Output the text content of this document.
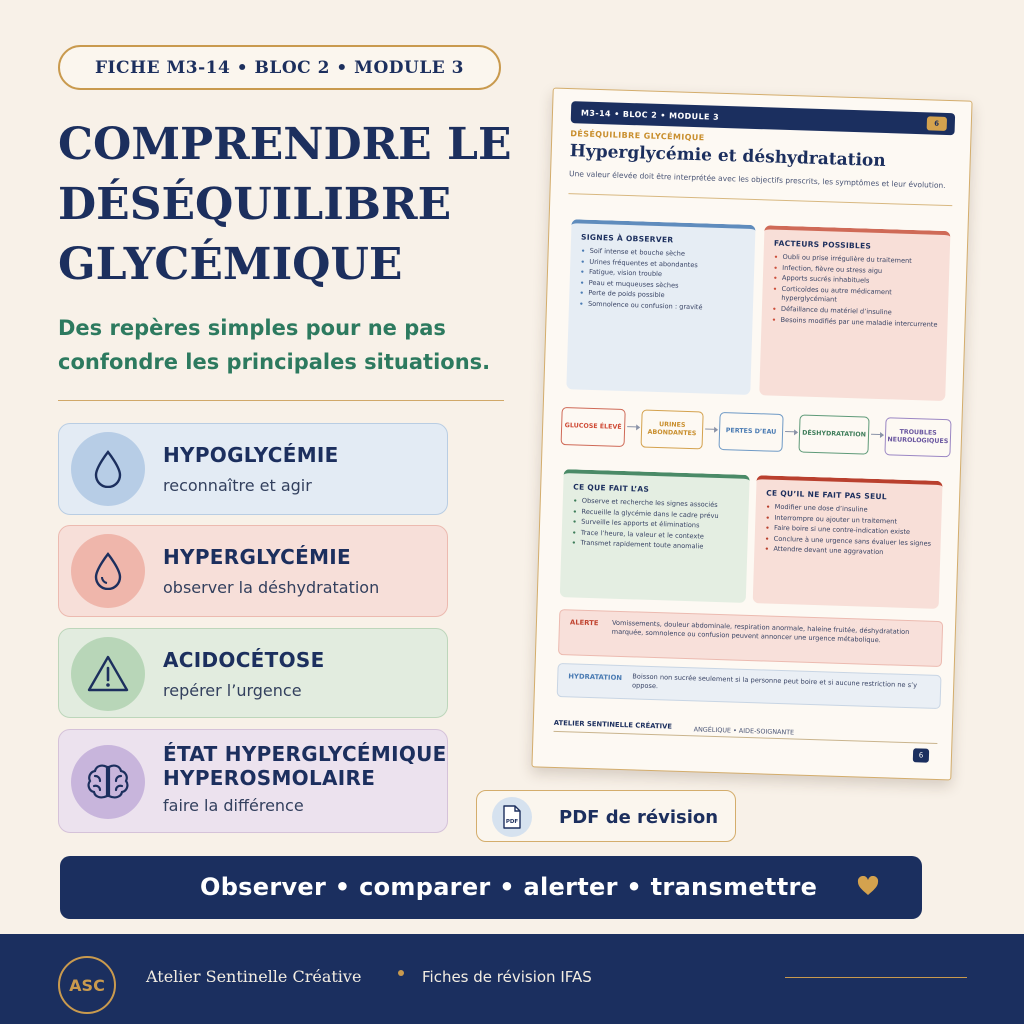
FICHE M3-14 • BLOC 2 • MODULE 3
COMPRENDRE LE
DÉSÉQUILIBRE
GLYCÉMIQUE
Des repères simples pour ne pas confondre les principales situations.
HYPOGLYCÉMIE
reconnaître et agir
HYPERGLYCÉMIE
observer la déshydratation
ACIDOCÉTOSE
repérer l’urgence
ÉTAT HYPERGLYCÉMIQUE
HYPEROSMOLAIRE
faire la différence
M3-14 • BLOC 2 • MODULE 3
6
DÉSÉQUILIBRE GLYCÉMIQUE
Hyperglycémie et déshydratation
Une valeur élevée doit être interprétée avec les objectifs prescrits, les symptômes et leur évolution.
SIGNES À OBSERVER
• Soif intense et bouche sèche
• Urines fréquentes et abondantes
• Fatigue, vision trouble
• Peau et muqueuses sèches
• Perte de poids possible
• Somnolence ou confusion : gravité
FACTEURS POSSIBLES
• Oubli ou prise irrégulière du traitement
• Infection, fièvre ou stress aigu
• Apports sucrés inhabituels
• Corticoïdes ou autre médicament hyperglycémiant
• Défaillance du matériel d’insuline
• Besoins modifiés par une maladie intercurrente
GLUCOSE ÉLEVÉ	URINES ABONDANTES	PERTES D’EAU	DÉSHYDRATATION	TROUBLES NEUROLOGIQUES
CE QUE FAIT L’AS
• Observe et recherche les signes associés
• Recueille la glycémie dans le cadre prévu
• Surveille les apports et éliminations
• Trace l’heure, la valeur et le contexte
• Transmet rapidement toute anomalie
CE QU’IL NE FAIT PAS SEUL
• Modifier une dose d’insuline
• Interrompre ou ajouter un traitement
• Faire boire si une contre-indication existe
• Conclure à une urgence sans évaluer les signes
• Attendre devant une aggravation
ALERTE Vomissements, douleur abdominale, respiration anormale, haleine fruitée, déshydratation marquée, somnolence ou confusion peuvent annoncer une urgence métabolique.
HYDRATATION Boisson non sucrée seulement si la personne peut boire et si aucune restriction ne s’y oppose.
ATELIER SENTINELLE CRÉATIVE
ANGÉLIQUE • AIDE-SOIGNANTE
6
PDF PDF de révision
Observer • comparer • alerter • transmettre
ASC	Atelier Sentinelle Créative	Fiches de révision IFAS
